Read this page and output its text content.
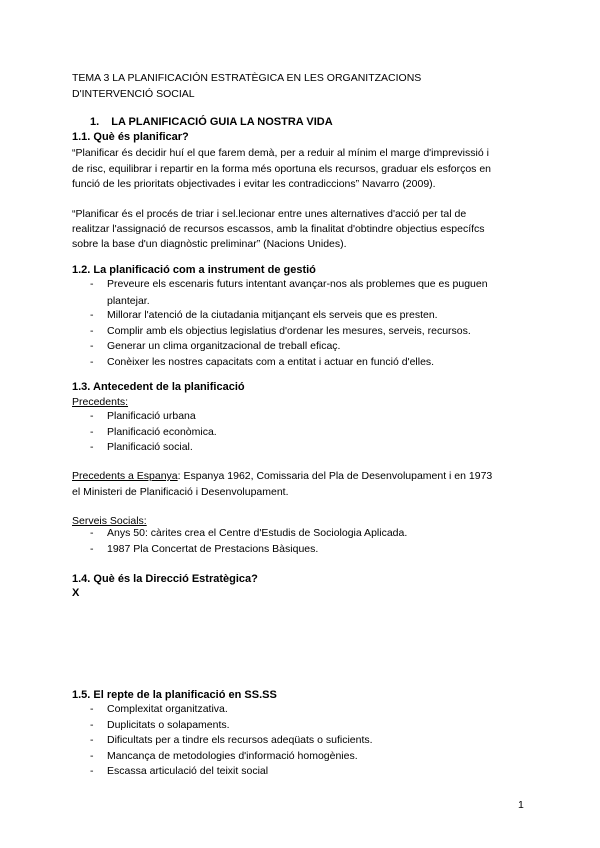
TEMA 3 LA PLANIFICACIÓN ESTRATÈGICA EN LES ORGANITZACIONS

D'INTERVENCIÓ SOCIAL

1. LA PLANIFICACIÓ GUIA LA NOSTRA VIDA

1.1. Què és planificar?

“Planificar és decidir huí el que farem demà, per a reduir al mínim el marge d'imprevissió i

de risc, equilibrar i repartir en la forma més oportuna els recursos, graduar els esforços en

funció de les prioritats objectivades i evitar les contradiccions” Navarro (2009).

“Planificar és el procés de triar i sel.lecionar entre unes alternatives d'acció per tal de

realitzar l'assignació de recursos escassos, amb la finalitat d'obtindre objectius específcs

sobre la base d'un diagnòstic preliminar” (Nacions Unides).

1.2. La planificació com a instrument de gestió

- Preveure els escenaris futurs intentant avançar-nos als problemes que es puguen

plantejar.

- Millorar l'atenció de la ciutadania mitjançant els serveis que es presten.
- Complir amb els objectius legislatius d'ordenar les mesures, serveis, recursos.
- Generar un clima organitzacional de treball eficaç.
- Conèixer les nostres capacitats com a entitat i actuar en funció d'elles.

1.3. Antecedent de la planificació

Precedents:

- Planificació urbana
- Planificació econòmica.
- Planificació social.

Precedents a Espanya: Espanya 1962, Comissaria del Pla de Desenvolupament i en 1973

el Ministeri de Planificació i Desenvolupament.

Serveis Socials:

- Anys 50: càrites crea el Centre d'Estudis de Sociologia Aplicada.
- 1987 Pla Concertat de Prestacions Bàsiques.

1.4. Què és la Direcció Estratègica?

X

1.5. El repte de la planificació en SS.SS

- Complexitat organitzativa.
- Duplicitats o solapaments.
- Dificultats per a tindre els recursos adeqüats o suficients.
- Mancança de metodologies d'informació homogènies.
- Escassa articulació del teixit social

1
